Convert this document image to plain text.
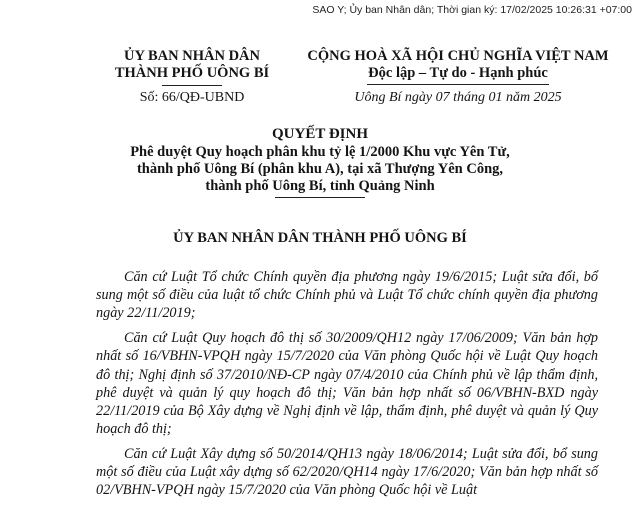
SAO Y; Ủy ban Nhân dân; Thời gian ký: 17/02/2025 10:26:31 +07:00
ỦY BAN NHÂN DÂN
THÀNH PHỐ UÔNG BÍ
Số: 66/QĐ-UBND
CỘNG HOÀ XÃ HỘI CHỦ NGHĨA VIỆT NAM
Độc lập – Tự do - Hạnh phúc
Uông Bí ngày 07 tháng 01 năm 2025
QUYẾT ĐỊNH
Phê duyệt Quy hoạch phân khu tỷ lệ 1/2000 Khu vực Yên Tử,
thành phố Uông Bí (phân khu A), tại xã Thượng Yên Công,
thành phố Uông Bí, tỉnh Quảng Ninh
ỦY BAN NHÂN DÂN THÀNH PHỐ UÔNG BÍ

Căn cứ Luật Tổ chức Chính quyền địa phương ngày 19/6/2015; Luật sửa đổi, bổ sung một số điều của luật tổ chức Chính phủ và Luật Tổ chức chính quyền địa phương ngày 22/11/2019;

Căn cứ Luật Quy hoạch đô thị số 30/2009/QH12 ngày 17/06/2009; Văn bản hợp nhất số 16/VBHN-VPQH ngày 15/7/2020 của Văn phòng Quốc hội về Luật Quy hoạch đô thị; Nghị định số 37/2010/NĐ-CP ngày 07/4/2010 của Chính phủ về lập thẩm định, phê duyệt và quản lý quy hoạch đô thị; Văn bản hợp nhất số 06/VBHN-BXD ngày 22/11/2019 của Bộ Xây dựng về Nghị định về lập, thẩm định, phê duyệt và quản lý Quy hoạch đô thị;

Căn cứ Luật Xây dựng số 50/2014/QH13 ngày 18/06/2014; Luật sửa đổi, bổ sung một số điều của Luật xây dựng số 62/2020/QH14 ngày 17/6/2020; Văn bản hợp nhất số 02/VBHN-VPQH ngày 15/7/2020 của Văn phòng Quốc hội về Luật
